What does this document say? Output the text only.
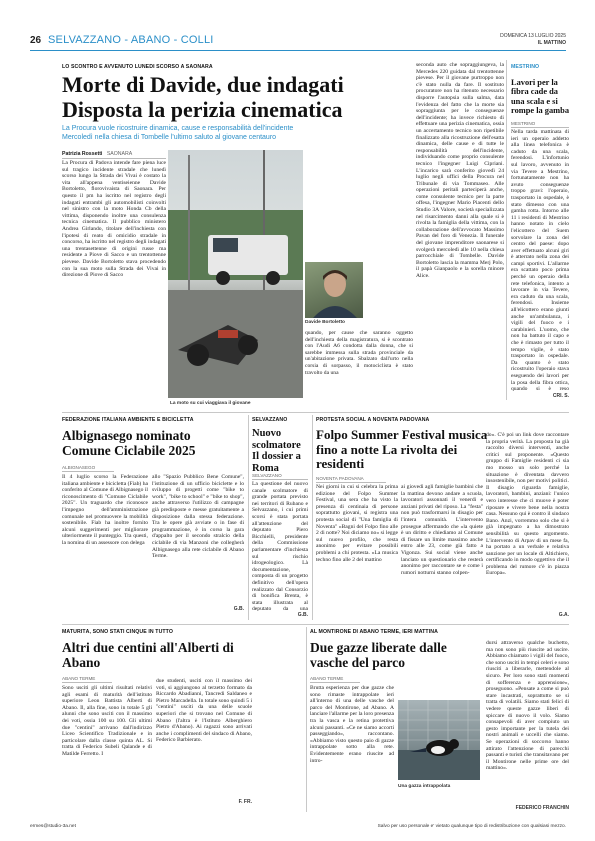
26 SELVAZZANO - ABANO - COLLI	DOMENICA 13 LUGLIO 2025
IL MATTINO
LO SCONTRO È AVVENUTO LUNEDÌ SCORSO A SAONARA
Morte di Davide, due indagati
Disposta la perizia cinematica
La Procura vuole ricostruire dinamica, cause e responsabilità dell'incidente
Mercoledì nella chiesa di Tombelle l'ultimo saluto al giovane centauro
Patrizia Rossetti SAONARA
La Procura di Padova intende fare piena luce sul tragico incidente stradale che lunedì scorso lungo la Strada dei Vivai è costato la vita all'appena ventiseienne Davide Bortoletto, florovivaista di Saonara. Per questo il pm ha iscritto nel registro degli indagati entrambi gli automobilisti coinvolti nel sinistro con la moto Honda Cb della vittima, disponendo inoltre una consulenza tecnica cinematica. Il pubblico ministero Andrea Girlando, titolare dell'inchiesta con l'ipotesi di reato di omicidio stradale in concorso, ha iscritto nel registro degli indagati una trentasettenne di origini russe ma residente a Piove di Sacco e un trentottenne pievese. Davide Bortoletto stava procedendo con la sua moto sulla Strada dei Vivai in direzione di Piove di Sacco
La moto su cui viaggiava il giovane
Davide Bortoletto
quando, per cause che saranno oggetto dell'inchiesta della magistratura, si è scontrato con l'Audi A6 condotta dalla donna, che si sarebbe immessa sulla strada provinciale da un'abitazione privata. Sbalzato dall'urto nella corsia di sorpasso, il motociclista è stato travolto da una
seconda auto che sopraggiungeva, la Mercedes 220 guidata dal trentottenne pievese. Per il giovane purtroppo non c'è stato nulla da fare. Il sostituto procuratore non ha ritenuto necessario disporre l'autopsia sulla salma, data l'evidenza del fatto che la morte sia sopraggiunta per le conseguenze dell'incidente; ha invece richiesto di effettuare una perizia cinematica, ossia un accertamento tecnico non ripetibile finalizzato alla ricostruzione dell'esatta dinamica, delle cause e di tutte le responsabilità dell'incidente, individuando come proprio consulente tecnico l'ingegner Luigi Cipriani. L'incarico sarà conferito giovedì 24 luglio negli uffici della Procura nel Tribunale di via Tommaseo. Alle operazioni peritali parteciperà anche, come consulente tecnico per la parte offesa, l'ingegner Mario Piacenti dello Studio 3A Valore, società specializzata nel risarcimento danni alla quale si è rivolta la famiglia della vittima, con la collaborazione dell'avvocato Massimo Pavan del foro di Venezia. Il funerale del giovane imprenditore saonarese si svolgerà mercoledì alle 10 nella chiesa parrocchiale di Tombelle. Davide Bortoletto lascia la mamma Merj Polo, il papà Gianpaolo e la sorella minore Alice.
MESTRINO
Lavori per la fibra cade da una scala e si rompe la gamba
MESTRINO
Nella tarda mattinata di ieri un operaio addetto alla linea telefonica è caduto da una scala, ferendosi. L'infortunio sul lavoro, avvenuto in via Tevere a Mestrino, fortunatamente non ha avuto conseguenze troppo gravi: l'operaio, trasportato in ospedale, è stato dimesso con una gamba rotta. Intorno alle 11 i residenti di Mestrino hanno notato in cielo l'elicottero del Suem sorvolare la zona del centro del paese: dopo aver effettuato alcuni giri è atterrato nella zona dei campi sportivi. L'allarme era scattato poco prima perché un operaio della rete telefonica, intento a lavorare in via Tevere, era caduto da una scala, ferendosi. Insieme all'elicottero erano giunti anche un'ambulanza, i vigili del fuoco e i carabinieri. L'uomo, che non ha battuto il capo e che è rimasto per tutto il tempo vigile, è stato trasportato in ospedale. Da quanto è stato ricostruito l'operaio stava eseguendo dei lavori per la posa della fibra ottica, quando si è reso
CRI. S.
FEDERAZIONE ITALIANA AMBIENTE E BICICLETTA
Albignasego nominato Comune Ciclabile 2025
ALBIGNASEGO
Il 4 luglio scorso la Federazione italiana ambiente e bicicletta (Fiab) ha conferito al Comune di Albignasego il riconoscimento di "Comune Ciclabile 2025". Un traguardo che riconosce l'impegno dell'amministrazione comunale nel promuovere la mobilità sostenibile. Fiab ha inoltre fornito alcuni suggerimenti per migliorare ulteriormente il punteggio. Tra questi, la nomina di un assessore con delega
allo "Spazio Pubblico Bene Comune", l'istituzione di un ufficio biciclette e lo sviluppo di progetti come "bike to work", "bike to school" e "bike to shop", anche attraverso l'utilizzo di campagne già predisposte e messe gratuitamente a disposizione dalla stessa federazione. Tra le opere già avviate o in fase di programmazione, è in corso la gara d'appalto per il secondo stralcio della ciclabile di via Manzoni che collegherà Albignasego alla rete ciclabile di Abano Terme.
G.B.
SELVAZZANO
Nuovo scolmatore Il dossier a Roma
SELVAZZANO
La questione del nuovo canale scolmatore di grande portata previsto nei territori di Rubano e Selvazzano, i cui primi scorsi è stata portata all'attenzione del deputato Piero Bicchielli, presidente della Commissione parlamentare d'inchiesta sul rischio idrogeologico. Là documentazione, composta di un progetto definitivo dell'opera realizzato dal Consorzio di bonifica Brenta, è stata illustrata al deputato da una
G.B.
PROTESTA SOCIAL A NOVENTA PADOVANA
Folpo Summer Festival musica fino a notte La rivolta dei residenti
NOVENTA PADOVANA
Nei giorni in cui si celebra la prima edizione del Folpo Summer Festival, una sera che ha visto la presenza di centinaia di persone soprattutto giovani, si registra una protesta social di "Una famiglia di Noventa" «Bagni del Folpo fino alle 2 di notte? Noi diciamo no» si legge sul nuovo profilo, che resta anonimo per evitare possibili problemi a chi protesta. «La musica techno fino alle 2 del mattino
ai giovedì agli famiglie bambini che la mattina devono andare a scuola, lavoratori assonnati il venerdì e anziani privati del riposo. La "festa" non può trasformarsi in disagio per l'intera comunità. L'intervento prosegue affermando che «la quiete è un diritto e chiediamo al Comune di fissare un limite massimo anche entro alle 23, come già fatto a Vigonza. Sui social viene anche lanciato un questionario che resterà anonimo per raccontare se e come i rumori notturni stanno colpen-
do». C'è poi un link dove raccontare la propria verità. La proposta ha già raccolto diversi interventi, anche critici sul proponente. «Questo gruppo di Famiglie residenti ci sia mo mosso un solo perché la situazione è diventata davvero insostenibile, non per motivi politici. Il disagio riguarda famiglie, lavoratori, bambini, anziani: l'unico vero interesse che ci muove è poter riposare e vivere bene nella nostra casa. Nessuno qui è contro il sindaco Bano. Anzi, vorremmo solo che si è già impegnato a ha dimostrato sensibilità su questo argomento. L'intervento di Arpav di un mese fa, ha portato a un verbale e relativa sanzione per un locale di Altichiero, certificando in modo oggettivo che il problema del rumore c'è in piazza Europa».
G.A.
MATURITÀ, SONO STATI CINQUE IN TUTTO
Altri due centini all'Alberti di Abano
ABANO TERME
Sono usciti gli ultimi risultati relativi agli esami di maturità dell'istituto superiore Leon Battista Alberti di Abano. Il, alla fine, sono in totale 5 gli alunni che sono usciti con il massimo dei voti, ossia 100 su 100. Gli ultimi due "centini" arrivano dall'indirizzo Liceo Scientifico Tradizionale e in particolare dalla classe quinta AL. Si tratta di Federico Subeli Qalande e di Matilde Ferretto. I
due studenti, usciti con il massimo dei voti, si aggiungono al terzetto formato da Riccardo Abadianni, Tancredi Saldaneo e Pietro Marcadella. In totale sono quindi 5 i "centini" usciti da una delle scuole superiori che si trovano nel Comune di Abano (l'altra è l'Istituto Alberghiero Pietro d'Abano). Ai ragazzi sono arrivati anche i complimenti del sindaco di Abano, Federico Barbierato.
F. FR.
AL MONTIRONE DI ABANO TERME, IERI MATTINA
Due gazze liberate dalle vasche del parco
ABANO TERME
Brutta esperienza per due gazze che sono rimaste intrappolate ieri all'interno di una delle vasche del parco del Montirone, ad Abano. A lanciare l'allarme per la loro presenza tra la vasca e la retina protettiva alcuni passanti. «Ce ne siamo accorti passeggiando», raccontano. «Abbiamo visto questo paio di gazze intrappolate sotto alla rete. Evidentemente erano riuscite ad intro-
Una gazza intrappolata
dursi attraverso qualche buchetto, ma non sono più riuscite ad uscire. Abbiamo chiamato i vigili del fuoco, che sono usciti in tempi celeri e sono riusciti a liberarle, mettendole al sicuro. Per loro sono stati momenti di sofferenza e apprensione», proseguono. «Pensate a come si può stare incastrati, soprattutto se si tratta di volatili. Siamo stati felici di vedere queste gazze liberi di spiccare di nuovo il volo. Siamo consapevoli di aver compiuto un gesto importante per la tutela dei nostri animali e uccelli che siamo. Se operazioni di soccorso hanno attirato l'attenzione di parecchi passanti e turisti che transitavano per il Montirone nelle prime ore del mattino».
FEDERICO FRANCHIN
ermes@studio-3a.net	Salvo per uso personale e' vietato qualunque tipo di redistribuzione con qualsiasi mezzo.
